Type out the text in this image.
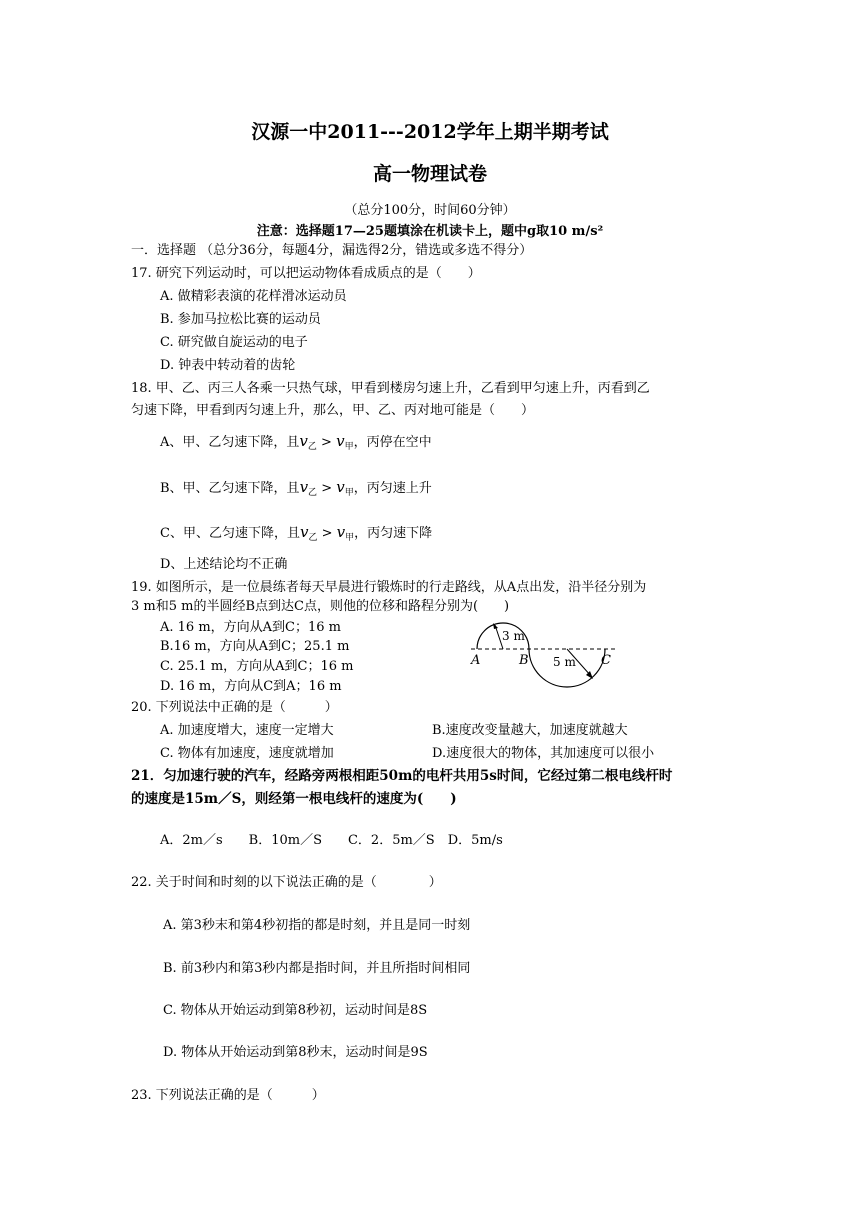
汉源一中2011---2012学年上期半期考试
高一物理试卷
（总分100分，时间60分钟）
注意：选择题17—25题填涂在机读卡上，题中g取10 m/s²
一．选择题 （总分36分，每题4分，漏选得2分，错选或多选不得分）
17. 研究下列运动时，可以把运动物体看成质点的是（　　）
A. 做精彩表演的花样滑冰运动员
B. 参加马拉松比赛的运动员
C. 研究做自旋运动的电子
D. 钟表中转动着的齿轮
18. 甲、乙、丙三人各乘一只热气球，甲看到楼房匀速上升，乙看到甲匀速上升，丙看到乙
匀速下降，甲看到丙匀速上升，那么，甲、乙、丙对地可能是（　　）
A、甲、乙匀速下降，且$v_乙 > v_甲$，丙停在空中
B、甲、乙匀速下降，且$v_乙 > v_甲$，丙匀速上升
C、甲、乙匀速下降，且$v_乙 > v_甲$，丙匀速下降
D、上述结论均不正确
19. 如图所示，是一位晨练者每天早晨进行锻炼时的行走路线，从A点出发，沿半径分别为
3 m和5 m的半圆经B点到达C点，则他的位移和路程分别为(　　)
A. 16 m，方向从A到C；16 m
B.16 m，方向从A到C；25.1 m
C. 25.1 m，方向从A到C；16 m
D. 16 m，方向从C到A；16 m
3 m
5 m
A	B	C
20. 下列说法中正确的是（　　　）
A. 加速度增大，速度一定增大	B.速度改变量越大，加速度就越大
C. 物体有加速度，速度就增加	D.速度很大的物体，其加速度可以很小
21．匀加速行驶的汽车，经路旁两根相距50m的电杆共用5s时间，它经过第二根电线杆时
的速度是15m／S，则经第一根电线杆的速度为(　　)
A．2m／s　　B．10m／S　　C．2．5m／S　D．5m/s
22. 关于时间和时刻的以下说法正确的是（　　　　）
A. 第3秒末和第4秒初指的都是时刻，并且是同一时刻
B. 前3秒内和第3秒内都是指时间，并且所指时间相同
C. 物体从开始运动到第8秒初，运动时间是8S
D. 物体从开始运动到第8秒末，运动时间是9S
23. 下列说法正确的是（　　　）
